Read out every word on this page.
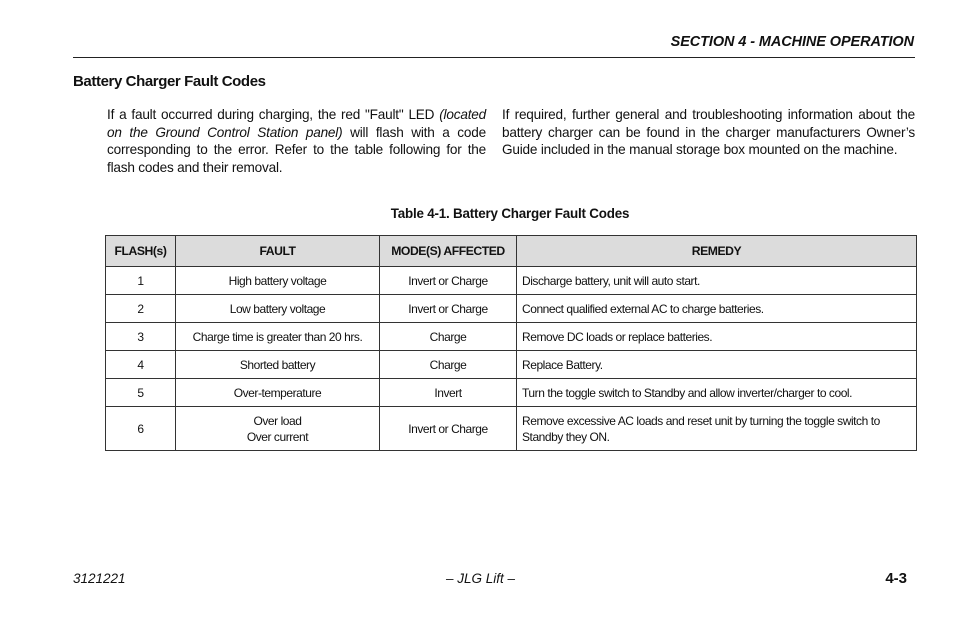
SECTION 4 - MACHINE OPERATION
Battery Charger Fault Codes
If a fault occurred during charging, the red "Fault" LED (located on the Ground Control Station panel) will flash with a code corresponding to the error. Refer to the table following for the flash codes and their removal.
If required, further general and troubleshooting information about the battery charger can be found in the charger manufacturers Owner’s Guide included in the manual storage box mounted on the machine.
Table 4-1. Battery Charger Fault Codes
FLASH(s)	FAULT	MODE(S) AFFECTED	REMEDY
1	High battery voltage	Invert or Charge	Discharge battery, unit will auto start.
2	Low battery voltage	Invert or Charge	Connect qualified external AC to charge batteries.
3	Charge time is greater than 20 hrs.	Charge	Remove DC loads or replace batteries.
4	Shorted battery	Charge	Replace Battery.
5	Over-temperature	Invert	Turn the toggle switch to Standby and allow inverter/charger to cool.
6	Over load
Over current	Invert or Charge	Remove excessive AC loads and reset unit by turning the toggle switch to Standby they ON.
3121221	– JLG Lift –	4-3
